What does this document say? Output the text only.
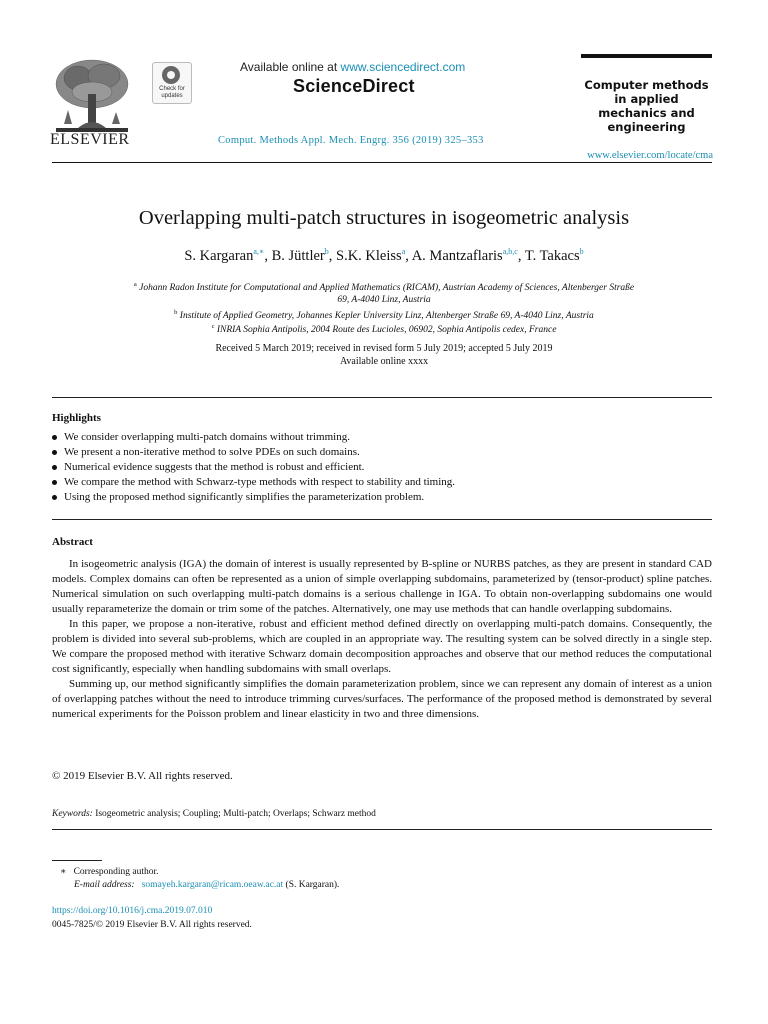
ELSEVIER
Check for updates
Available online at www.sciencedirect.com
ScienceDirect
Comput. Methods Appl. Mech. Engrg. 356 (2019) 325–353
Computer methods
in applied
mechanics and
engineering
www.elsevier.com/locate/cma
Overlapping multi-patch structures in isogeometric analysis
S. Kargaran$^{a,∗}$, B. Jüttler$^b$, S.K. Kleiss$^a$, A. Mantzaflaris$^{a,b,c}$, T. Takacs$^b$
$^a$ Johann Radon Institute for Computational and Applied Mathematics (RICAM), Austrian Academy of Sciences, Altenberger Straße
69, A-4040 Linz, Austria
$^b$ Institute of Applied Geometry, Johannes Kepler University Linz, Altenberger Straße 69, A-4040 Linz, Austria
$^c$ INRIA Sophia Antipolis, 2004 Route des Lucioles, 06902, Sophia Antipolis cedex, France
Received 5 March 2019; received in revised form 5 July 2019; accepted 5 July 2019
Available online xxxx
Highlights
We consider overlapping multi-patch domains without trimming.
We present a non-iterative method to solve PDEs on such domains.
Numerical evidence suggests that the method is robust and efficient.
We compare the method with Schwarz-type methods with respect to stability and timing.
Using the proposed method significantly simplifies the parameterization problem.
Abstract

In isogeometric analysis (IGA) the domain of interest is usually represented by B-spline or NURBS patches, as they are present in standard CAD models. Complex domains can often be represented as a union of simple overlapping subdomains, parameterized by (tensor-product) spline patches. Numerical simulation on such overlapping multi-patch domains is a serious challenge in IGA. To obtain non-overlapping subdomains one would usually reparameterize the domain or trim some of the patches. Alternatively, one may use methods that can handle overlapping subdomains.

In this paper, we propose a non-iterative, robust and efficient method defined directly on overlapping multi-patch domains. Consequently, the problem is divided into several sub-problems, which are coupled in an appropriate way. The resulting system can be solved directly in a single step. We compare the proposed method with iterative Schwarz domain decomposition approaches and observe that our method reduces the computational cost significantly, especially when handling subdomains with small overlaps.

Summing up, our method significantly simplifies the domain parameterization problem, since we can represent any domain of interest as a union of overlapping patches without the need to introduce trimming curves/surfaces. The performance of the proposed method is demonstrated by several numerical experiments for the Poisson problem and linear elasticity in two and three dimensions.

© 2019 Elsevier B.V. All rights reserved.
Keywords: Isogeometric analysis; Coupling; Multi-patch; Overlaps; Schwarz method
∗ Corresponding author.
E-mail address: somayeh.kargaran@ricam.oeaw.ac.at (S. Kargaran).
https://doi.org/10.1016/j.cma.2019.07.010
0045-7825/© 2019 Elsevier B.V. All rights reserved.
